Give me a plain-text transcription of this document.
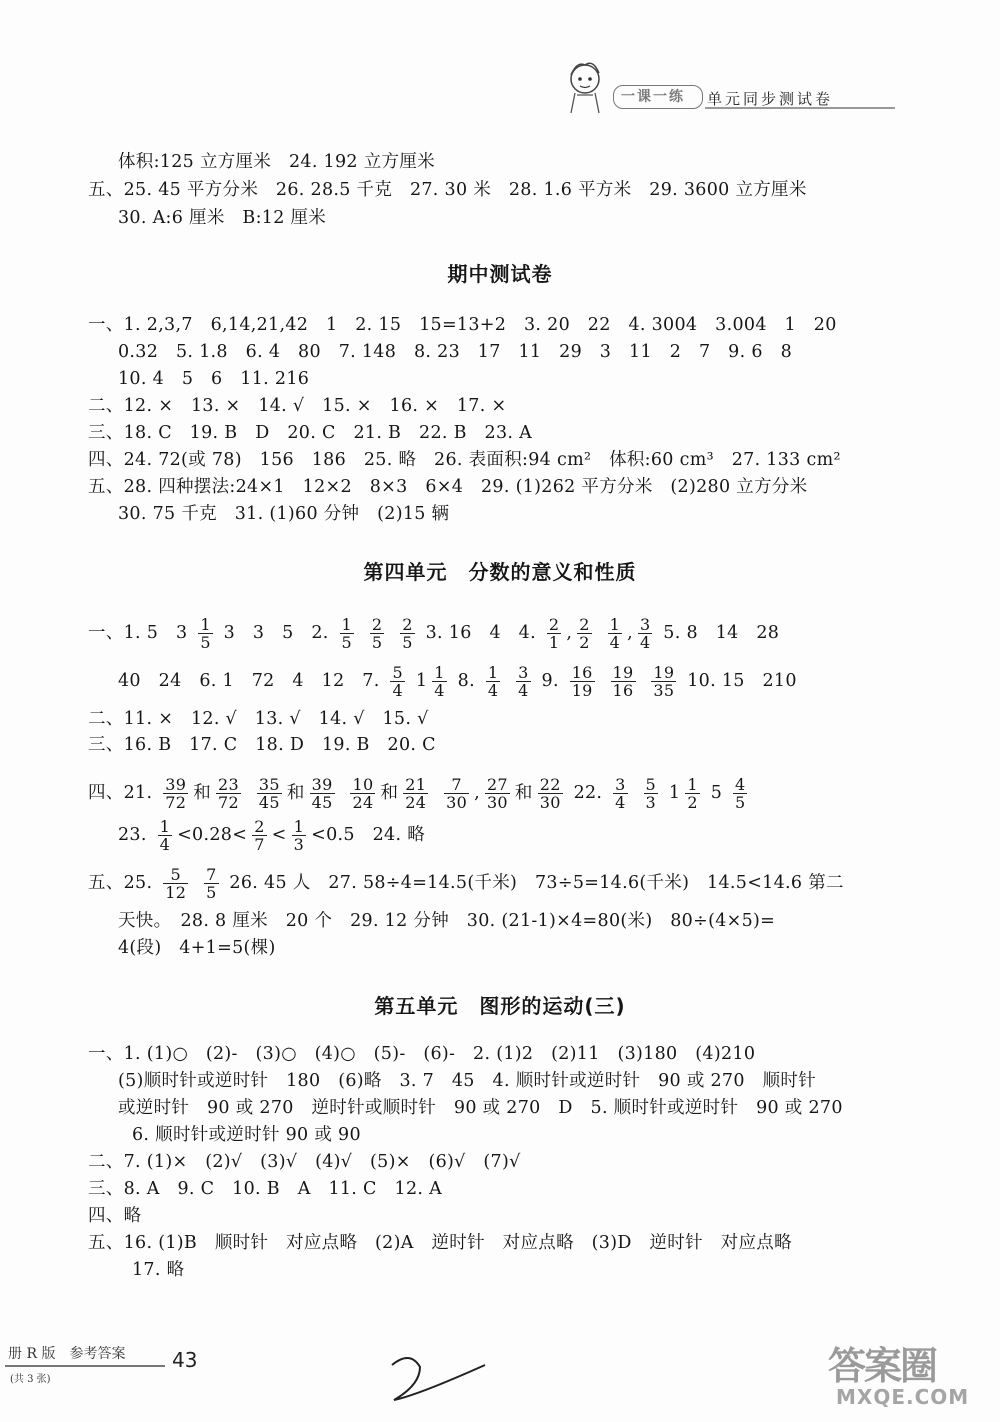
一课一练 单元同步测试卷
体积:125 立方厘米　24. 192 立方厘米
五、25. 45 平方分米　26. 28.5 千克　27. 30 米　28. 1.6 平方米　29. 3600 立方厘米
30. A:6 厘米　B:12 厘米
期中测试卷
一、1. 2,3,7　6,14,21,42　1　2. 15　15=13+2　3. 20　22　4. 3004　3.004　1　20
0.32　5. 1.8　6. 4　80　7. 148　8. 23　17　11　29　3　11　2　7　9. 6　8
10. 4　5　6　11. 216
二、12. ×　13. ×　14. √　15. ×　16. ×　17. ×
三、18. C　19. B　D　20. C　21. B　22. B　23. A
四、24. 72(或 78)　156　186　25. 略　26. 表面积:94 cm²　体积:60 cm³　27. 133 cm²
五、28. 四种摆法:24×1　12×2　8×3　6×4　29. (1)262 平方分米　(2)280 立方分米
30. 75 千克　31. (1)60 分钟　(2)15 辆
第四单元　分数的意义和性质
一、1. 5　$3 \frac{1}{5} 3$　3　5　2. $\frac{1}{5}$
$\frac{2}{5}$
$\frac{2}{5} 3$. 16　4　4. $\frac{2}{1}$ , $\frac{2}{2}$
$\frac{1}{4}$ , $\frac{3}{4} 5$. 8　14　28
40　24　6. 1　72　4　12　7. $\frac{5}{4} 1 \frac{1}{4} 8$. $\frac{1}{4}$
$\frac{3}{4} 9$. $\frac{16}{19}$
$\frac{19}{16}$
$\frac{19}{35} 10$. 15　210
二、11. ×　12. √　13. √　14. √　15. √
三、16. B　17. C　18. D　19. B　20. C
四、21. $\frac{39}{72}$ 和 $\frac{23}{72}$
$\frac{35}{45}$ 和 $\frac{39}{45}$
$\frac{10}{24}$ 和 $\frac{21}{24}$
$\frac{7}{30}$ , $\frac{27}{30}$ 和 $\frac{22}{30} 22$. $\frac{3}{4}$
$\frac{5}{3} 1 \frac{1}{2} 5 \frac{4}{5}$
23. $\frac{1}{4} <0.28< \frac{2}{7} < \frac{1}{3} <0.5$　24. 略
五、25. $\frac{5}{12}$
$\frac{7}{5} 26$. 45 人　27. 58÷4=14.5(千米)　73÷5=14.6(千米)　14.5<14.6 第二
天快。　28. 8 厘米　20 个　29. 12 分钟　30. (21-1)×4=80(米)　80÷(4×5)=
4(段)　4+1=5(棵)
第五单元　图形的运动(三)
一、1. (1)○　(2)-　(3)○　(4)○　(5)-　(6)-　2. (1)2　(2)11　(3)180　(4)210
(5)顺时针或逆时针　180　(6)略　3. 7　45　4. 顺时针或逆时针　90 或 270　顺时针
或逆时针　90 或 270　逆时针或顺时针　90 或 270　D　5. 顺时针或逆时针　90 或 270
6. 顺时针或逆时针 90 或 90
二、7. (1)×　(2)√　(3)√　(4)√　(5)×　(6)√　(7)√
三、8. A　9. C　10. B　A　11. C　12. A
四、略
五、16. (1)B　顺时针　对应点略　(2)A　逆时针　对应点略　(3)D　逆时针　对应点略
17. 略
册 R 版　参考答案
(共 3 张)
43	答案圈
MXQE.COM
